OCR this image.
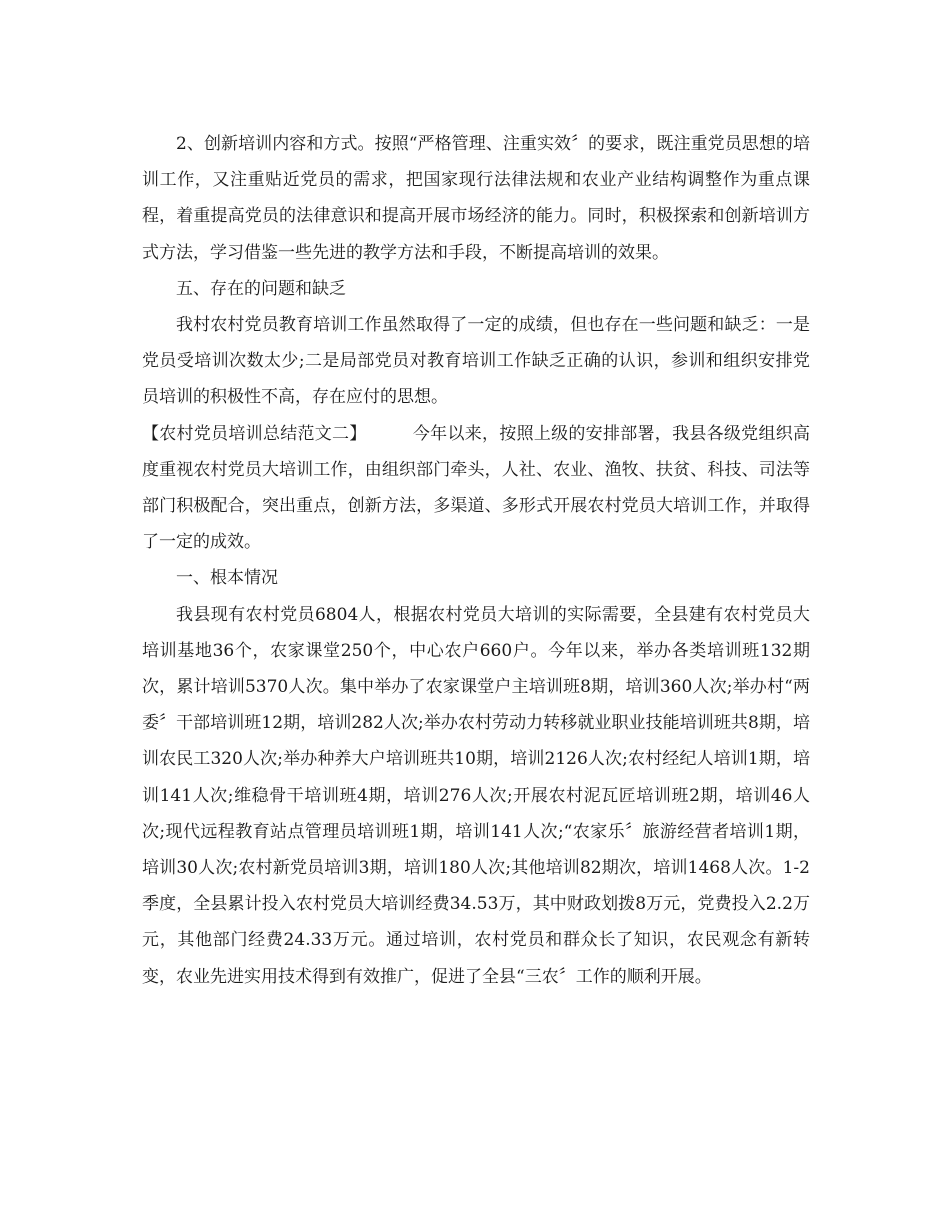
2、创新培训内容和方式。按照“严格管理、注重实效〞的要求，既注重党员思想的培训工作，又注重贴近党员的需求，把国家现行法律法规和农业产业结构调整作为重点课程，着重提高党员的法律意识和提高开展市场经济的能力。同时，积极探索和创新培训方式方法，学习借鉴一些先进的教学方法和手段，不断提高培训的效果。

五、存在的问题和缺乏

我村农村党员教育培训工作虽然取得了一定的成绩，但也存在一些问题和缺乏：一是党员受培训次数太少;二是局部党员对教育培训工作缺乏正确的认识，参训和组织安排党员培训的积极性不高，存在应付的思想。

【农村党员培训总结范文二】	今年以来，按照上级的安排部署，我县各级党组织高度重视农村党员大培训工作，由组织部门牵头，人社、农业、渔牧、扶贫、科技、司法等部门积极配合，突出重点，创新方法，多渠道、多形式开展农村党员大培训工作，并取得了一定的成效。

一、根本情况

我县现有农村党员6804人，根据农村党员大培训的实际需要，全县建有农村党员大培训基地36个，农家课堂250个，中心农户660户。今年以来，举办各类培训班132期次，累计培训5370人次。集中举办了农家课堂户主培训班8期，培训360人次;举办村“两委〞干部培训班12期，培训282人次;举办农村劳动力转移就业职业技能培训班共8期，培训农民工320人次;举办种养大户培训班共10期，培训2126人次;农村经纪人培训1期，培训141人次;维稳骨干培训班4期，培训276人次;开展农村泥瓦匠培训班2期，培训46人次;现代远程教育站点管理员培训班1期，培训141人次;“农家乐〞旅游经营者培训1期，培训30人次;农村新党员培训3期，培训180人次;其他培训82期次，培训1468人次。1-2季度，全县累计投入农村党员大培训经费34.53万，其中财政划拨8万元，党费投入2.2万元，其他部门经费24.33万元。通过培训，农村党员和群众长了知识，农民观念有新转变，农业先进实用技术得到有效推广，促进了全县“三农〞工作的顺利开展。
